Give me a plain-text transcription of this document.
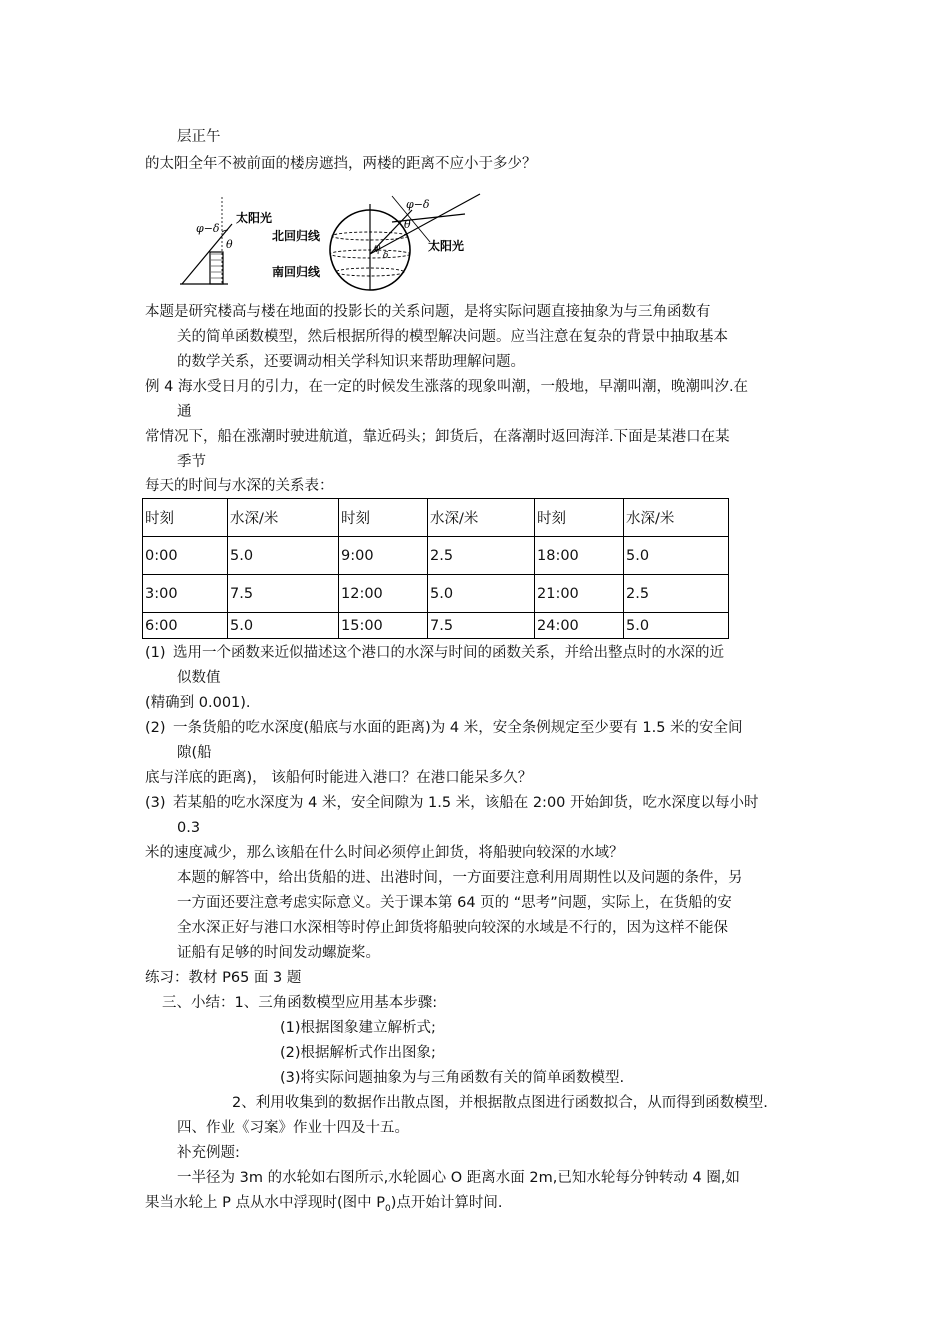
层正午
的太阳全年不被前面的楼房遮挡，两楼的距离不应小于多少？
φ−δ
θ
太阳光
北回归线
南回归线
φ−δ
θ
φ
δ
太阳光
本题是研究楼高与楼在地面的投影长的关系问题，是将实际问题直接抽象为与三角函数有
关的简单函数模型，然后根据所得的模型解决问题。应当注意在复杂的背景中抽取基本
的数学关系，还要调动相关学科知识来帮助理解问题。
例 4 海水受日月的引力，在一定的时候发生涨落的现象叫潮，一般地，早潮叫潮，晚潮叫汐.在
通
常情况下，船在涨潮时驶进航道，靠近码头；卸货后，在落潮时返回海洋.下面是某港口在某
季节
每天的时间与水深的关系表：
时刻	水深/米	时刻	水深/米	时刻	水深/米
0:00	5.0	9:00	2.5	18:00	5.0
3:00	7.5	12:00	5.0	21:00	2.5
6:00	5.0	15:00	7.5	24:00	5.0
(1) 选用一个函数来近似描述这个港口的水深与时间的函数关系，并给出整点时的水深的近
似数值
(精确到 0.001).
(2) 一条货船的吃水深度(船底与水面的距离)为 4 米，安全条例规定至少要有 1.5 米的安全间
隙(船
底与洋底的距离)， 该船何时能进入港口？在港口能呆多久？
(3) 若某船的吃水深度为 4 米，安全间隙为 1.5 米，该船在 2:00 开始卸货，吃水深度以每小时
0.3
米的速度减少，那么该船在什么时间必须停止卸货，将船驶向较深的水域？
本题的解答中，给出货船的进、出港时间，一方面要注意利用周期性以及问题的条件，另
一方面还要注意考虑实际意义。关于课本第 64 页的 “思考”问题，实际上，在货船的安
全水深正好与港口水深相等时停止卸货将船驶向较深的水域是不行的，因为这样不能保
证船有足够的时间发动螺旋桨。
练习：教材 P65 面 3 题
三、小结：1、三角函数模型应用基本步骤:
(1)根据图象建立解析式;
(2)根据解析式作出图象;
(3)将实际问题抽象为与三角函数有关的简单函数模型.
2、利用收集到的数据作出散点图，并根据散点图进行函数拟合，从而得到函数模型.
四、作业《习案》作业十四及十五。
补充例题:
一半径为 3m 的水轮如右图所示,水轮圆心 O 距离水面 2m,已知水轮每分钟转动 4 圈,如
果当水轮上 P 点从水中浮现时(图中 $P_0$)点开始计算时间.
